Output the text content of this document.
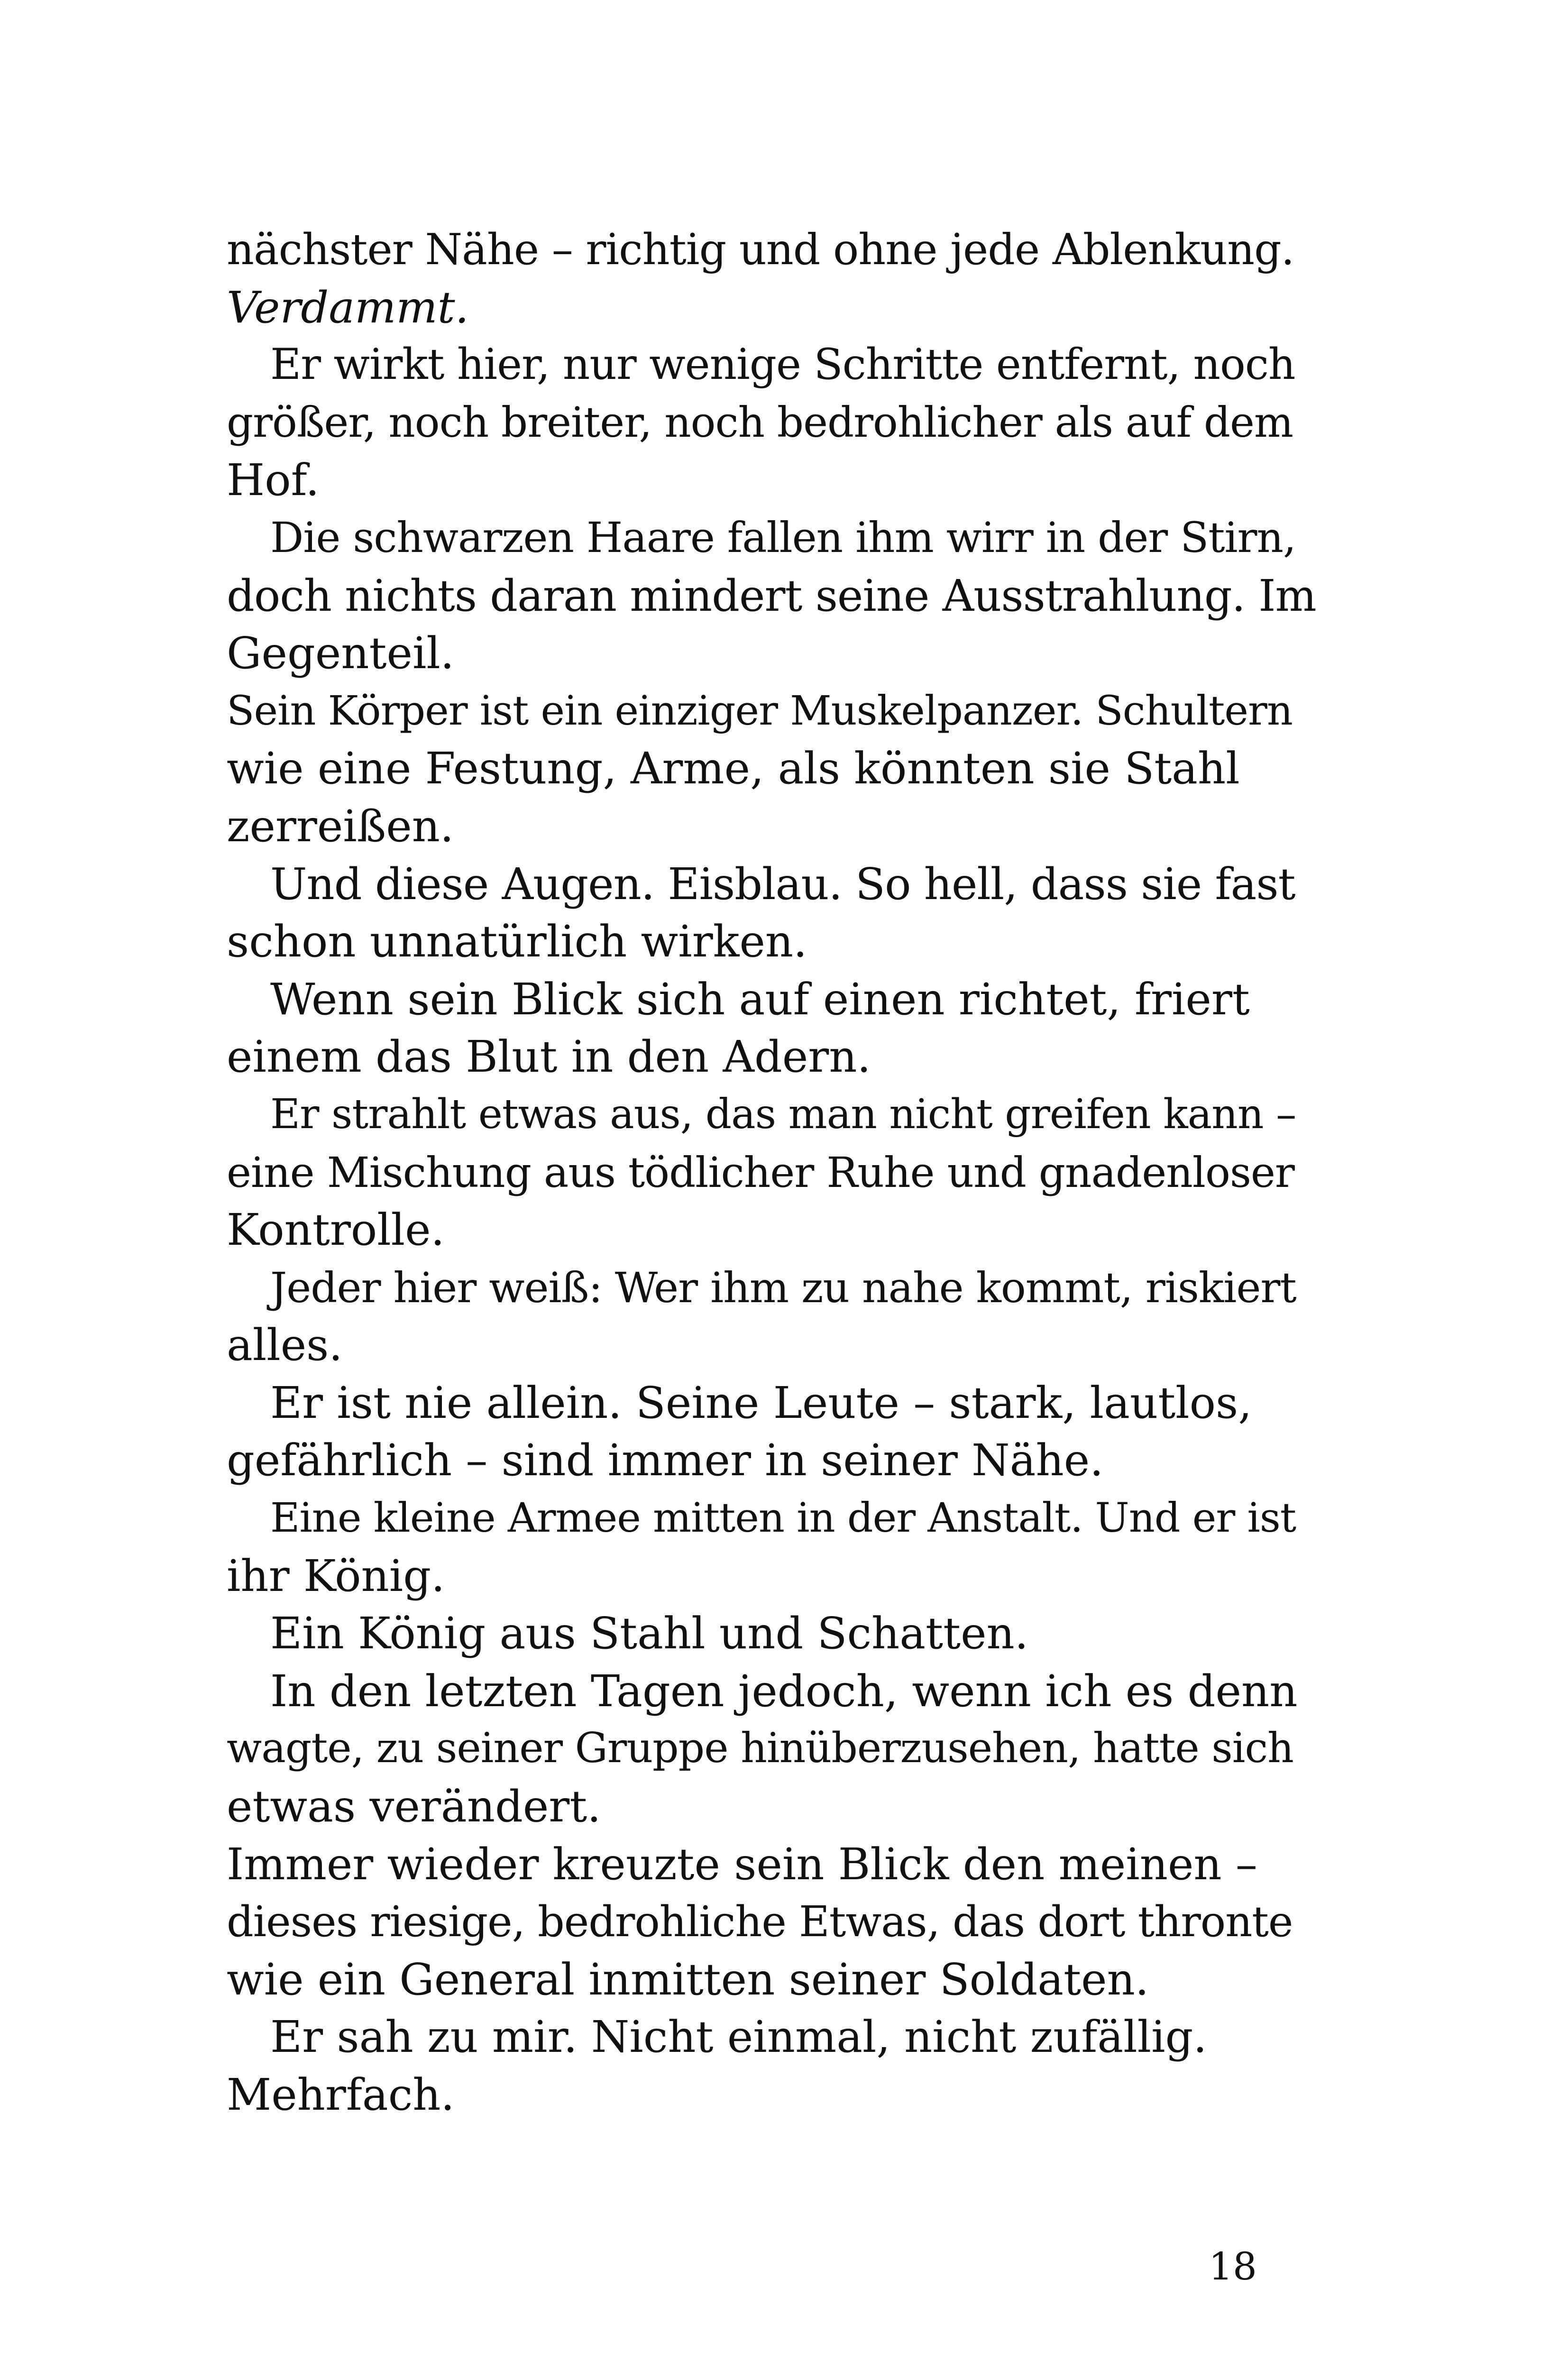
nächster Nähe – richtig und ohne jede Ablenkung.
Verdammt.
Er wirkt hier, nur wenige Schritte entfernt, noch
größer, noch breiter, noch bedrohlicher als auf dem
Hof.
Die schwarzen Haare fallen ihm wirr in der Stirn,
doch nichts daran mindert seine Ausstrahlung. Im
Gegenteil.
Sein Körper ist ein einziger Muskelpanzer. Schultern
wie eine Festung, Arme, als könnten sie Stahl
zerreißen.
Und diese Augen. Eisblau. So hell, dass sie fast
schon unnatürlich wirken.
Wenn sein Blick sich auf einen richtet, friert
einem das Blut in den Adern.
Er strahlt etwas aus, das man nicht greifen kann –
eine Mischung aus tödlicher Ruhe und gnadenloser
Kontrolle.
Jeder hier weiß: Wer ihm zu nahe kommt, riskiert
alles.
Er ist nie allein. Seine Leute – stark, lautlos,
gefährlich – sind immer in seiner Nähe.
Eine kleine Armee mitten in der Anstalt. Und er ist
ihr König.
Ein König aus Stahl und Schatten.
In den letzten Tagen jedoch, wenn ich es denn
wagte, zu seiner Gruppe hinüberzusehen, hatte sich
etwas verändert.
Immer wieder kreuzte sein Blick den meinen –
dieses riesige, bedrohliche Etwas, das dort thronte
wie ein General inmitten seiner Soldaten.
Er sah zu mir. Nicht einmal, nicht zufällig.
Mehrfach.
18
